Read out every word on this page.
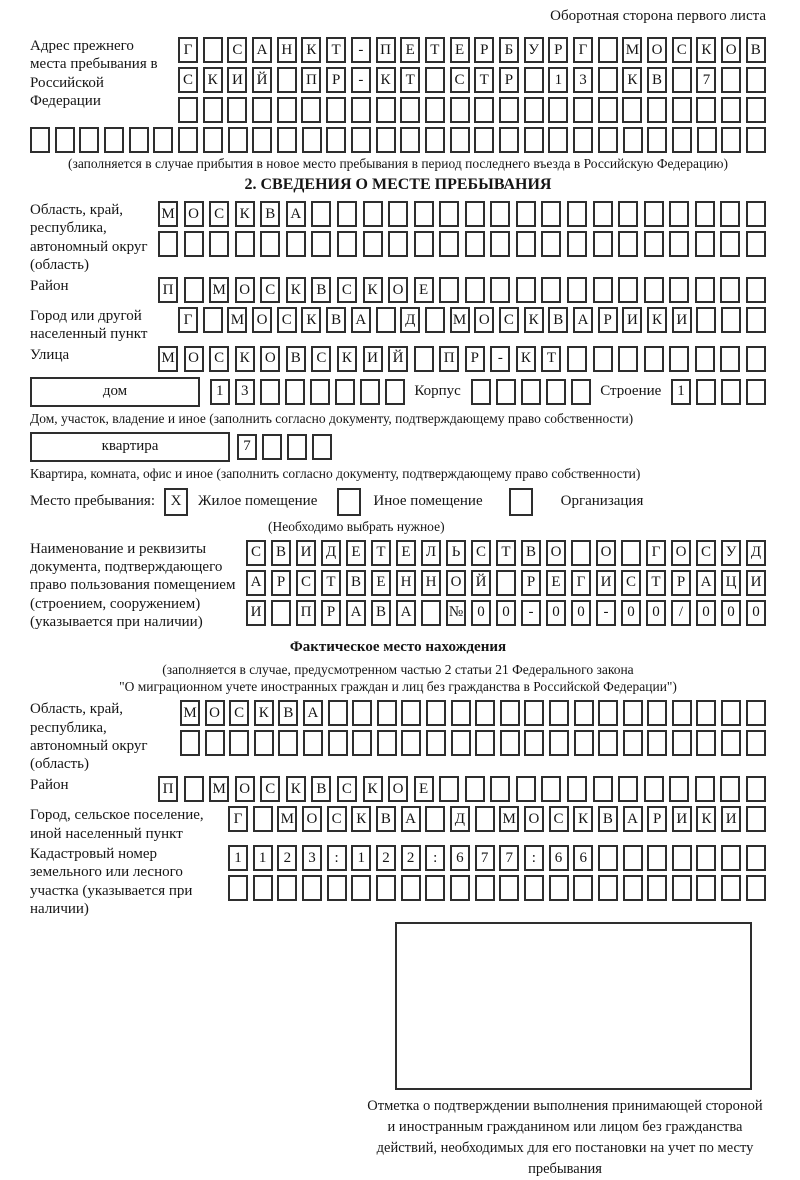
Оборотная сторона первого листа
Адрес прежнего места пребывания в Российской Федерации
Г	С А Н К	Т	-	П Е	Т	Е	Р	Б	У	Р	Г	М О С К О В
С К И Й	П	Р	-	К	Т	С	Т	Р	1	3	К В	7
(заполняется в случае прибытия в новое место пребывания в период последнего въезда в Российскую Федерацию)
2. СВЕДЕНИЯ О МЕСТЕ ПРЕБЫВАНИЯ
Область, край, республика, автономный округ (область)
М О	С	К	В	А
Район	П	М О	С	К	В	С	К	О	Е
Город или другой населенный пункт
Г	М О С К В А	Д	М О С К В А	Р	И К И
Улица	М О	С	К	О	В	С	К	И Й	П	Р	-	К	Т
дом	1	3	Корпус	Строение	1
Дом, участок, владение и иное (заполнить согласно документу, подтверждающему право собственности)
квартира	7
Квартира, комната, офис и иное (заполнить согласно документу, подтверждающему право собственности)
Место пребывания:	X	Жилое помещение	Иное помещение	Организация
(Необходимо выбрать нужное)
Наименование и реквизиты документа, подтверждающего право пользования помещением (строением, сооружением) (указывается при наличии)
С В И Д	Е	Т	Е	Л	Ь	С	Т	В О	О	Г	О С У Д
А	Р	С	Т	В	Е	Н Н О Й	Р	Е	Г	И С	Т	Р	А Ц И
И	П	Р	А В А	№ 0	0	-	0	0	-	0	0	/	0	0	0
Фактическое место нахождения
(заполняется в случае, предусмотренном частью 2 статьи 21 Федерального закона
"О миграционном учете иностранных граждан и лиц без гражданства в Российской Федерации")
Область, край, республика, автономный округ (область)
М О С К В А
Район	П	М О	С	К	В	С	К	О	Е
Город, сельское поселение, иной населенный пункт
Г	М О С К В А	Д	М О С К В А	Р	И К И
Кадастровый номер земельного или лесного участка (указывается при наличии)
1	1	2	3	:	1	2	2	:	6	7	7	:	6	6
Отметка о подтверждении выполнения принимающей стороной и иностранным гражданином или лицом без гражданства действий, необходимых для его постановки на учет по месту пребывания
